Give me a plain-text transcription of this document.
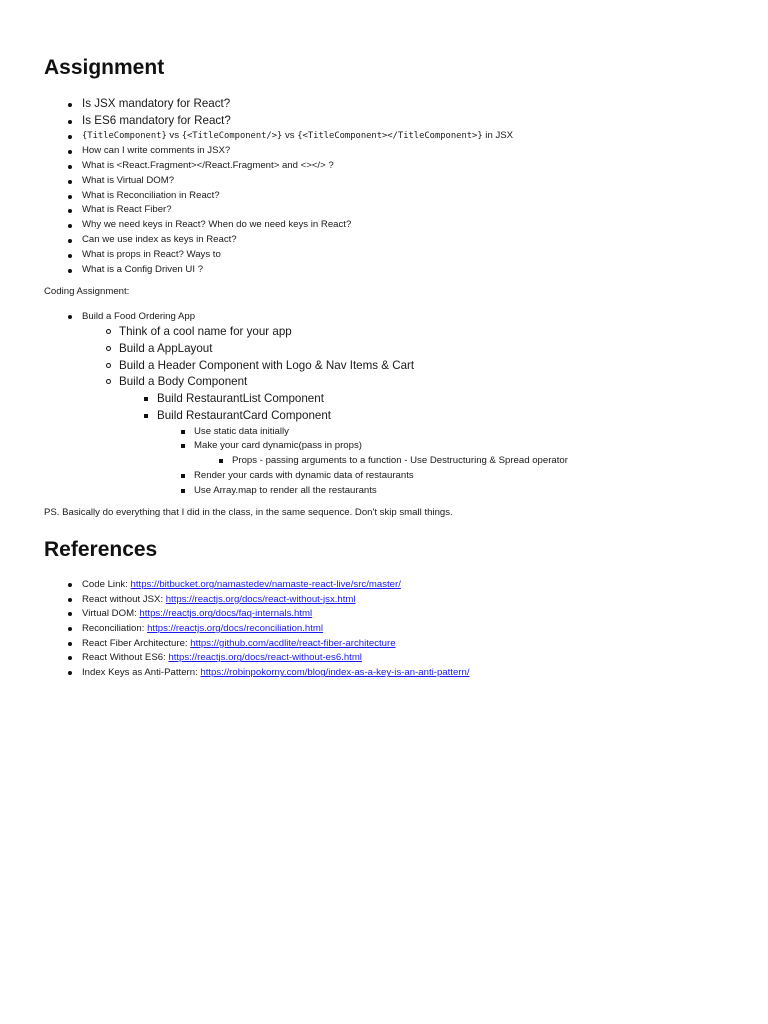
Assignment
Is JSX mandatory for React?
Is ES6 mandatory for React?
{TitleComponent} vs {<TitleComponent/>} vs {<TitleComponent></TitleComponent>} in JSX
How can I write comments in JSX?
What is <React.Fragment></React.Fragment> and <></> ?
What is Virtual DOM?
What is Reconciliation in React?
What is React Fiber?
Why we need keys in React? When do we need keys in React?
Can we use index as keys in React?
What is props in React? Ways to
What is a Config Driven UI ?
Coding Assignment:
Build a Food Ordering App
Think of a cool name for your app
Build a AppLayout
Build a Header Component with Logo & Nav Items & Cart
Build a Body Component
Build RestaurantList Component
Build RestaurantCard Component
Use static data initially
Make your card dynamic(pass in props)
Props - passing arguments to a function - Use Destructuring & Spread operator
Render your cards with dynamic data of restaurants
Use Array.map to render all the restaurants
PS. Basically do everything that I did in the class, in the same sequence. Don't skip small things.
References
Code Link: https://bitbucket.org/namastedev/namaste-react-live/src/master/
React without JSX: https://reactjs.org/docs/react-without-jsx.html
Virtual DOM: https://reactjs.org/docs/faq-internals.html
Reconciliation: https://reactjs.org/docs/reconciliation.html
React Fiber Architecture: https://github.com/acdlite/react-fiber-architecture
React Without ES6: https://reactjs.org/docs/react-without-es6.html
Index Keys as Anti-Pattern: https://robinpokorny.com/blog/index-as-a-key-is-an-anti-pattern/
